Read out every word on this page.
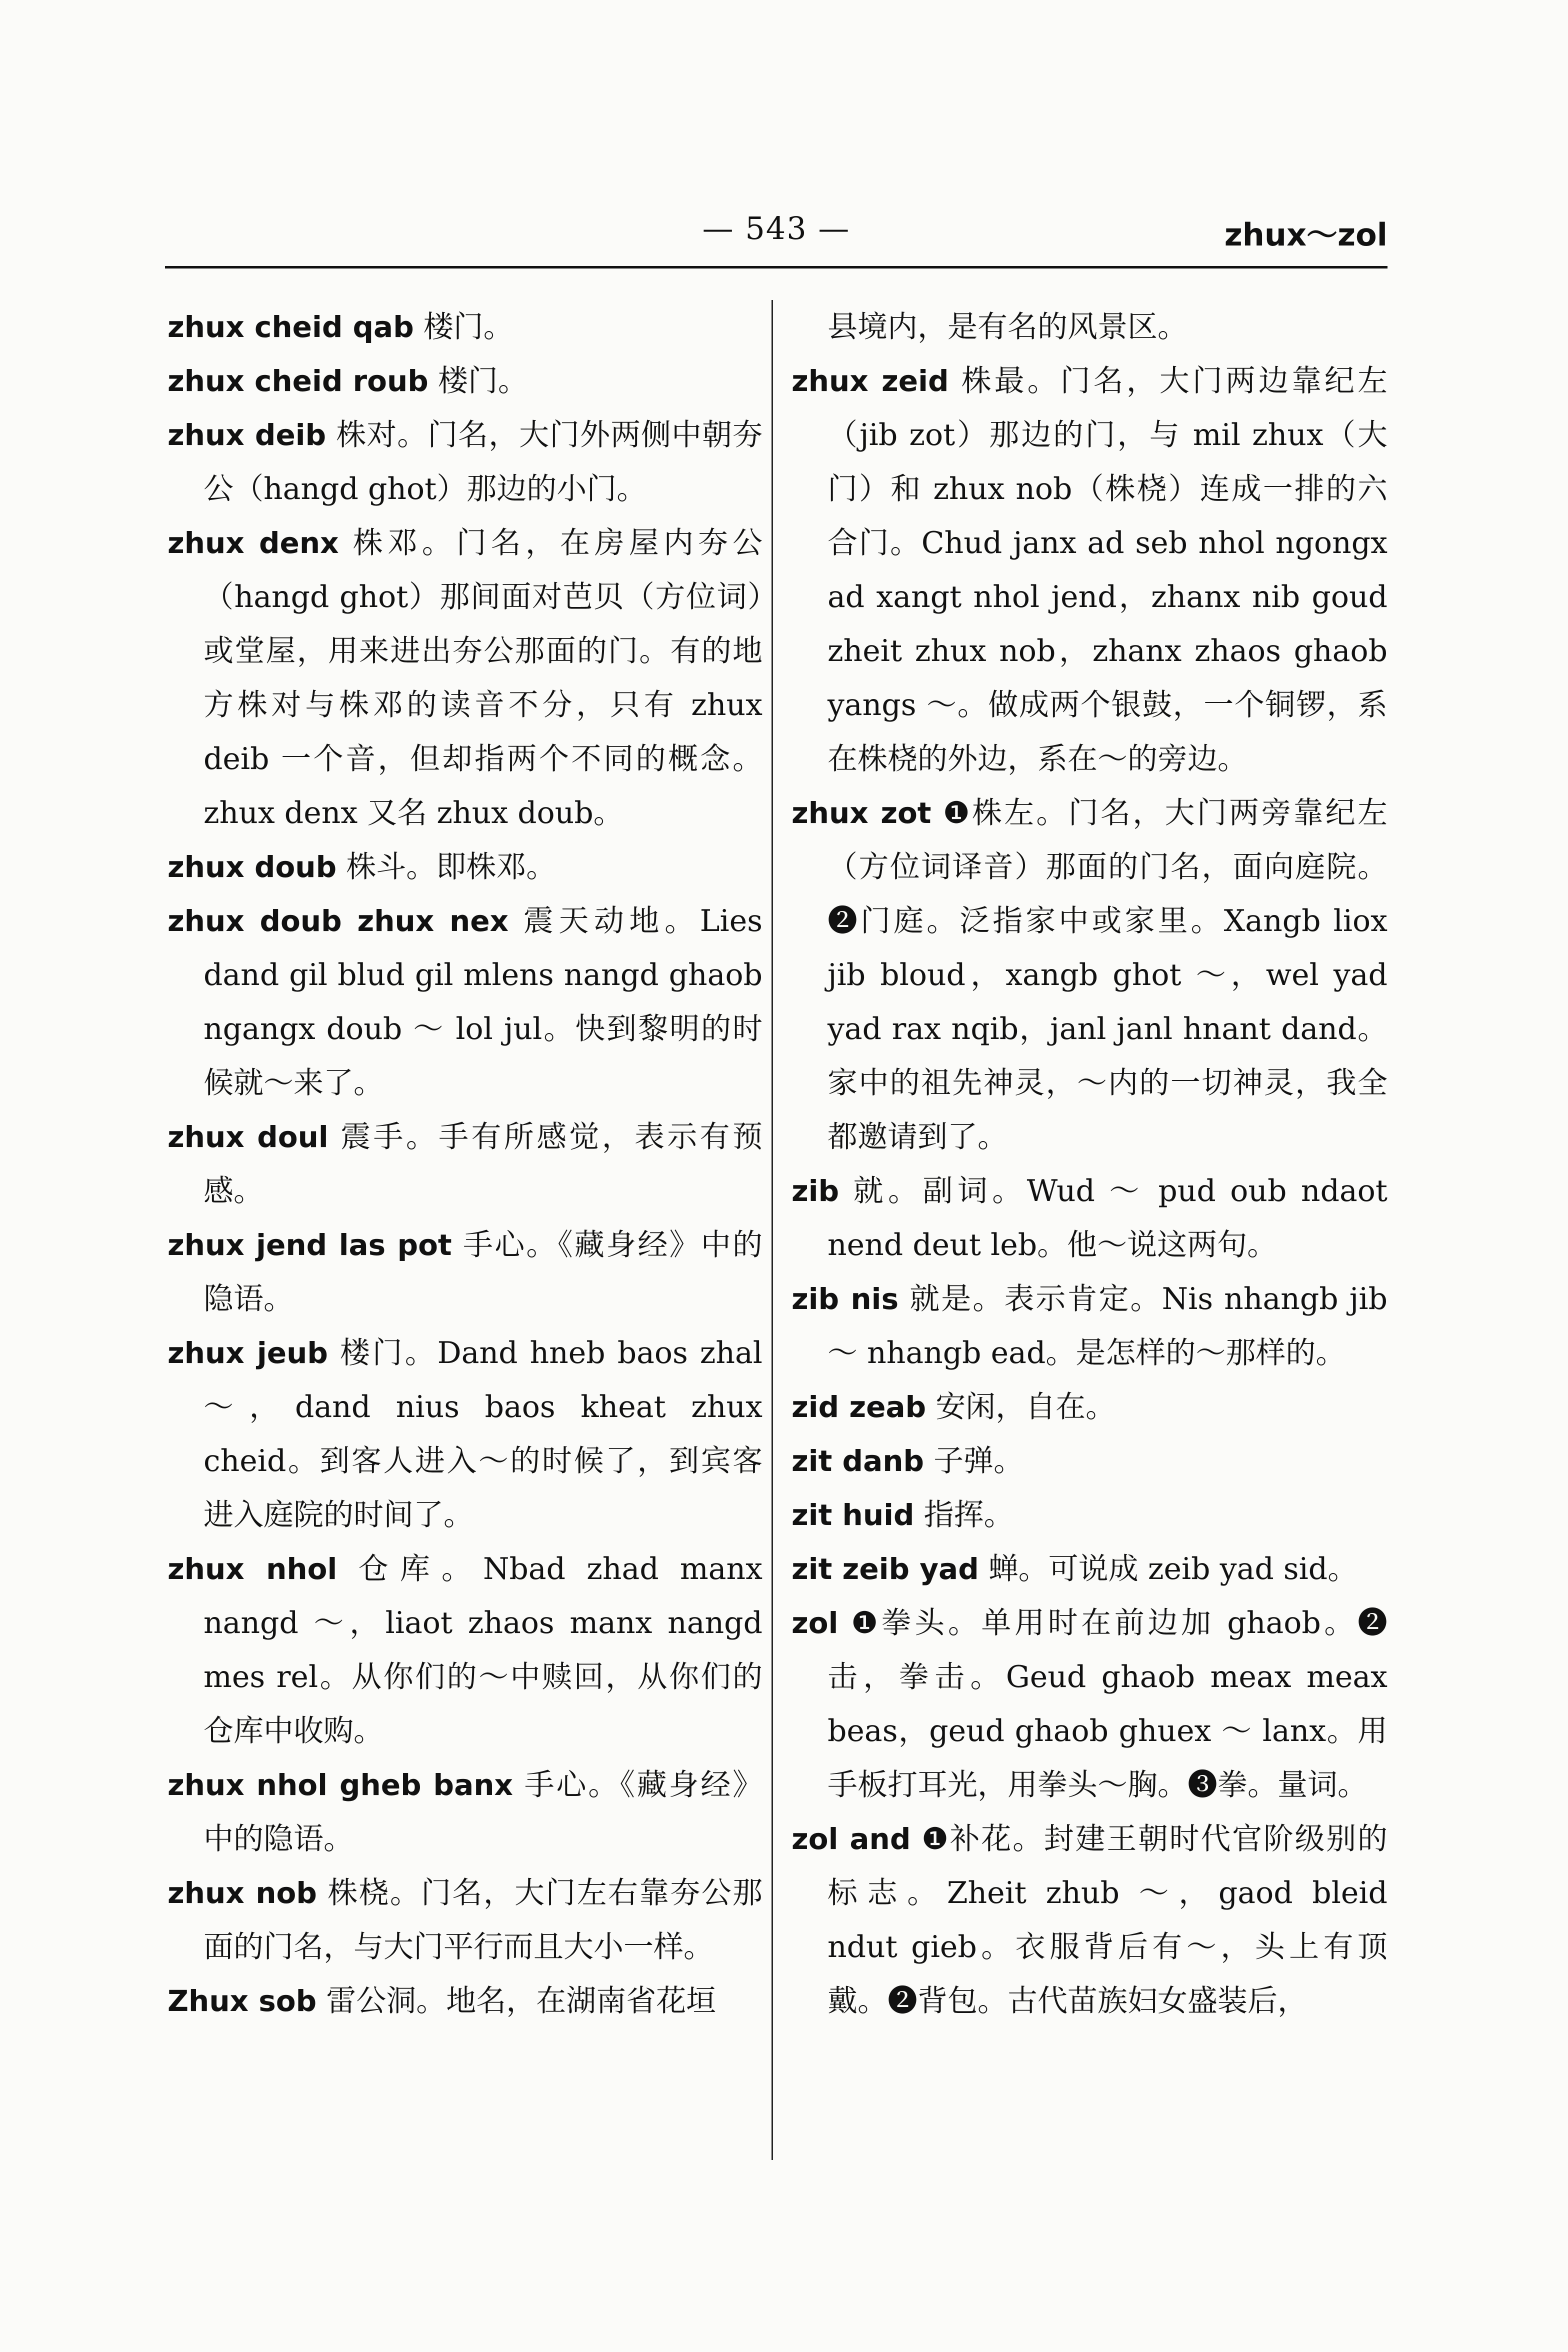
— 543 —	zhux～zol
zhux cheid qab 楼门。
zhux cheid roub 楼门。
zhux deib 株对。门名，大门外两侧中朝夯公（hangd ghot）那边的小门。
zhux denx 株邓。门名，在房屋内夯公（hangd ghot）那间面对芭贝（方位词）或堂屋，用来进出夯公那面的门。有的地方株对与株邓的读音不分，只有 zhux deib 一个音，但却指两个不同的概念。zhux denx 又名 zhux doub。
zhux doub 株斗。即株邓。
zhux doub zhux nex 震天动地。Lies dand gil blud gil mlens nangd ghaob ngangx doub ～ lol jul。快到黎明的时候就～来了。
zhux doul 震手。手有所感觉，表示有预感。
zhux jend las pot 手心。《藏身经》中的隐语。
zhux jeub 楼门。Dand hneb baos zhal ～，dand nius baos kheat zhux cheid。到客人进入～的时候了，到宾客进入庭院的时间了。
zhux nhol 仓库。Nbad zhad manx nangd ～，liaot zhaos manx nangd mes rel。从你们的～中赎回，从你们的仓库中收购。
zhux nhol gheb banx 手心。《藏身经》中的隐语。
zhux nob 株桡。门名，大门左右靠夯公那面的门名，与大门平行而且大小一样。
Zhux sob 雷公洞。地名，在湖南省花垣
县境内，是有名的风景区。
zhux zeid 株最。门名，大门两边靠纪左（jib zot）那边的门，与 mil zhux（大门）和 zhux nob（株桡）连成一排的六合门。Chud janx ad seb nhol ngongx ad xangt nhol jend，zhanx nib goud zheit zhux nob，zhanx zhaos ghaob yangs ～。做成两个银鼓，一个铜锣，系在株桡的外边，系在～的旁边。
zhux zot ❶株左。门名，大门两旁靠纪左（方位词译音）那面的门名，面向庭院。❷门庭。泛指家中或家里。Xangb liox jib bloud，xangb ghot ～，wel yad yad rax nqib，janl janl hnant dand。家中的祖先神灵，～内的一切神灵，我全都邀请到了。
zib 就。副词。Wud ～ pud oub ndaot nend deut leb。他～说这两句。
zib nis 就是。表示肯定。Nis nhangb jib ～ nhangb ead。是怎样的～那样的。
zid zeab 安闲，自在。
zit danb 子弹。
zit huid 指挥。
zit zeib yad 蝉。可说成 zeib yad sid。
zol ❶拳头。单用时在前边加 ghaob。❷击，拳击。Geud ghaob meax meax beas，geud ghaob ghuex ～ lanx。用手板打耳光，用拳头～胸。❸拳。量词。
zol and ❶补花。封建王朝时代官阶级别的标志。Zheit zhub ～，gaod bleid ndut gieb。衣服背后有～，头上有顶戴。❷背包。古代苗族妇女盛装后，
